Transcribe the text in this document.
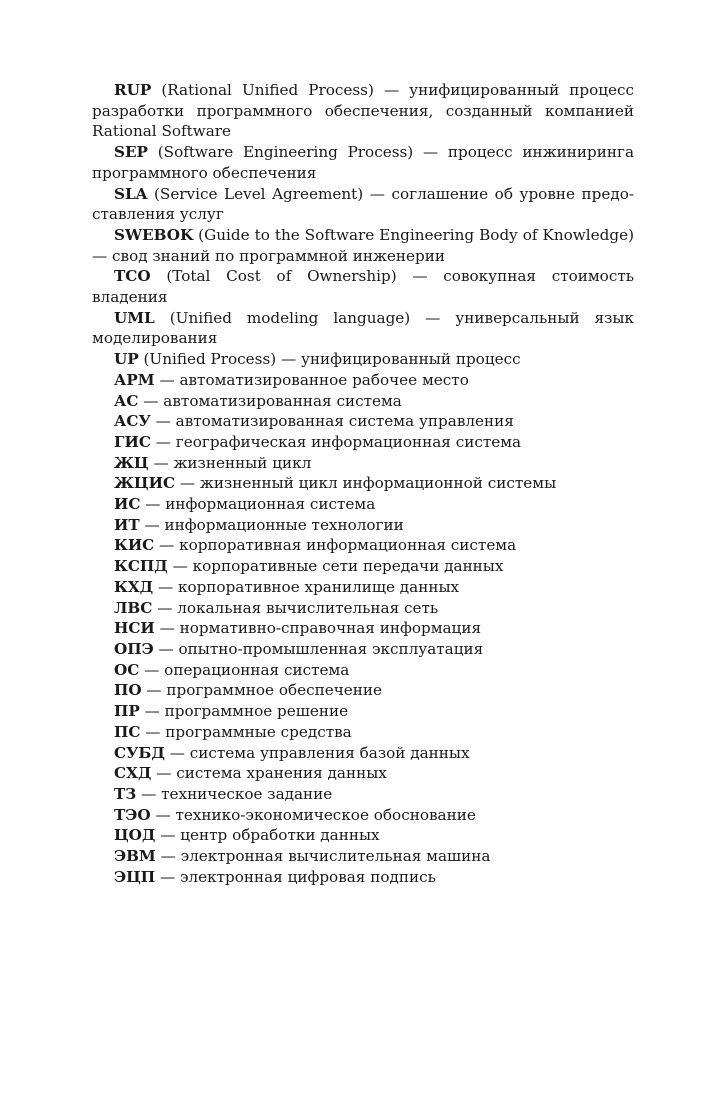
RUP (Rational Unified Process) — унифицированный процесс разработки программного обеспечения, созданный компанией Rational Software

SEP (Software Engineering Process) — процесс инжиниринга программного обеспечения

SLA (Service Level Agreement) — соглашение об уровне предоставления услуг

SWEBOK (Guide to the Software Engineering Body of Knowledge) — свод знаний по программной инженерии

TCO (Total Cost of Ownership) — совокупная стоимость владения

UML (Unified modeling language) — универсальный язык моделирования

UP (Unified Process) — унифицированный процесс

АРМ — автоматизированное рабочее место

АС — автоматизированная система

АСУ — автоматизированная система управления

ГИС — географическая информационная система

ЖЦ — жизненный цикл

ЖЦИС — жизненный цикл информационной системы

ИС — информационная система

ИТ — информационные технологии

КИС — корпоративная информационная система

КСПД — корпоративные сети передачи данных

КХД — корпоративное хранилище данных

ЛВС — локальная вычислительная сеть

НСИ — нормативно-справочная информация

ОПЭ — опытно-промышленная эксплуатация

ОС — операционная система

ПО — программное обеспечение

ПР — программное решение

ПС — программные средства

СУБД — система управления базой данных

СХД — система хранения данных

ТЗ — техническое задание

ТЭО — технико-экономическое обоснование

ЦОД — центр обработки данных

ЭВМ — электронная вычислительная машина

ЭЦП — электронная цифровая подпись
